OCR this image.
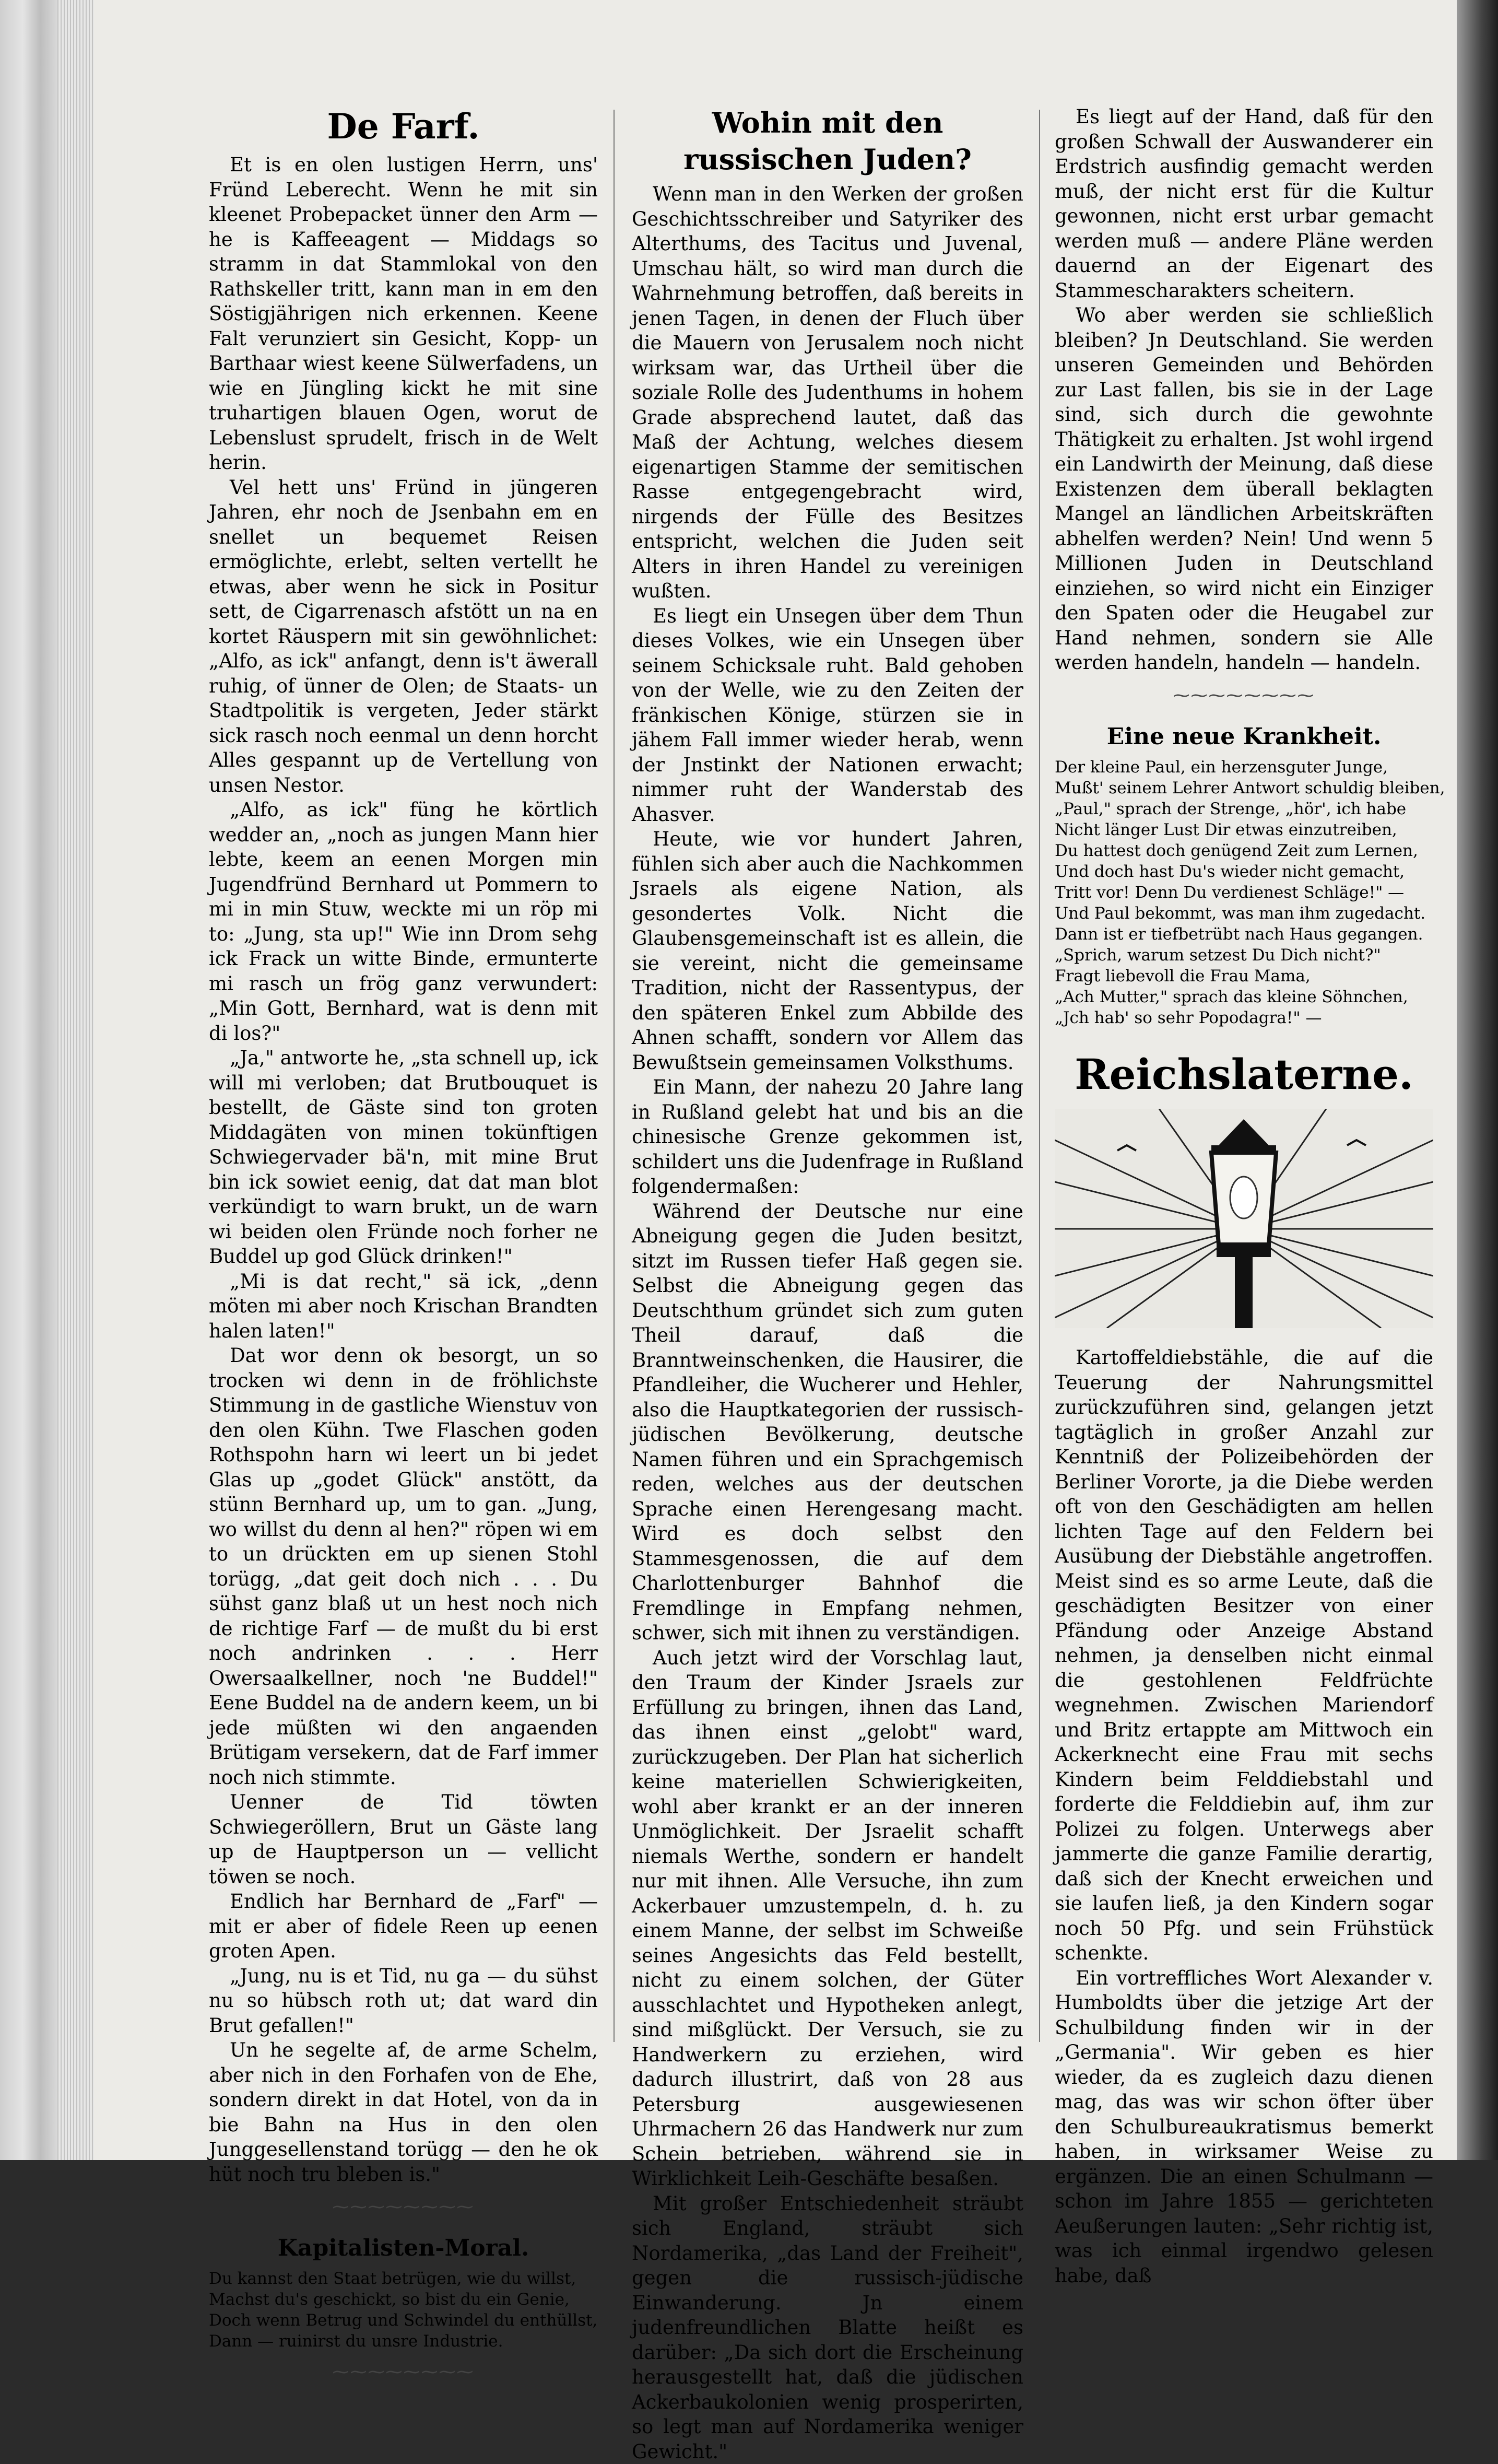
De Farf.

Et is en olen lustigen Herrn, uns' Fründ Leberecht. Wenn he mit sin kleenet Probepacket ünner den Arm — he is Kaffeeagent — Middags so stramm in dat Stammlokal von den Rathskeller tritt, kann man in em den Söstigjährigen nich erkennen. Keene Falt verunziert sin Gesicht, Kopp- un Barthaar wiest keene Sülwerfadens, un wie en Jüngling kickt he mit sine truhartigen blauen Ogen, worut de Lebenslust sprudelt, frisch in de Welt herin.

Vel hett uns' Fründ in jüngeren Jahren, ehr noch de Jsenbahn em en snellet un bequemet Reisen ermöglichte, erlebt, selten vertellt he etwas, aber wenn he sick in Positur sett, de Cigarrenasch afstött un na en kortet Räuspern mit sin gewöhnlichet: „Alfo, as ick" anfangt, denn is't äwerall ruhig, of ünner de Olen; de Staats- un Stadtpolitik is vergeten, Jeder stärkt sick rasch noch eenmal un denn horcht Alles gespannt up de Vertellung von unsen Nestor.

„Alfo, as ick" füng he körtlich wedder an, „noch as jungen Mann hier lebte, keem an eenen Morgen min Jugendfründ Bernhard ut Pommern to mi in min Stuw, weckte mi un röp mi to: „Jung, sta up!" Wie inn Drom sehg ick Frack un witte Binde, ermunterte mi rasch un frög ganz verwundert: „Min Gott, Bernhard, wat is denn mit di los?"

„Ja," antworte he, „sta schnell up, ick will mi verloben; dat Brutbouquet is bestellt, de Gäste sind ton groten Middagäten von minen tokünftigen Schwiegervader bä'n, mit mine Brut bin ick sowiet eenig, dat dat man blot verkündigt to warn brukt, un de warn wi beiden olen Fründe noch forher ne Buddel up god Glück drinken!"

„Mi is dat recht," sä ick, „denn möten mi aber noch Krischan Brandten halen laten!"

Dat wor denn ok besorgt, un so trocken wi denn in de fröhlichste Stimmung in de gastliche Wienstuv von den olen Kühn. Twe Flaschen goden Rothspohn harn wi leert un bi jedet Glas up „godet Glück" anstött, da stünn Bernhard up, um to gan. „Jung, wo willst du denn al hen?" röpen wi em to un drückten em up sienen Stohl torügg, „dat geit doch nich . . . Du sühst ganz blaß ut un hest noch nich de richtige Farf — de mußt du bi erst noch andrinken . . . Herr Owersaalkellner, noch 'ne Buddel!" Eene Buddel na de andern keem, un bi jede müßten wi den angaenden Brütigam versekern, dat de Farf immer noch nich stimmte.

Uenner de Tid töwten Schwiegeröllern, Brut un Gäste lang up de Hauptperson un — vellicht töwen se noch.

Endlich har Bernhard de „Farf" — mit er aber of fidele Reen up eenen groten Apen.

„Jung, nu is et Tid, nu ga — du sühst nu so hübsch roth ut; dat ward din Brut gefallen!"

Un he segelte af, de arme Schelm, aber nich in den Forhafen von de Ehe, sondern direkt in dat Hotel, von da in bie Bahn na Hus in den olen Junggesellenstand torügg — den he ok hüt noch tru bleben is."

⁓⁓⁓⁓⁓⁓⁓⁓
Kapitalisten-Moral.
Du kannst den Staat betrügen, wie du willst,
Machst du's geschickt, so bist du ein Genie,
Doch wenn Betrug und Schwindel du enthüllst,
Dann — ruinirst du unsre Industrie.
⁓⁓⁓⁓⁓⁓⁓⁓
Wohin mit den russischen Juden?

Wenn man in den Werken der großen Geschichtsschreiber und Satyriker des Alterthums, des Tacitus und Juvenal, Umschau hält, so wird man durch die Wahrnehmung betroffen, daß bereits in jenen Tagen, in denen der Fluch über die Mauern von Jerusalem noch nicht wirksam war, das Urtheil über die soziale Rolle des Judenthums in hohem Grade absprechend lautet, daß das Maß der Achtung, welches diesem eigenartigen Stamme der semitischen Rasse entgegengebracht wird, nirgends der Fülle des Besitzes entspricht, welchen die Juden seit Alters in ihren Handel zu vereinigen wußten.

Es liegt ein Unsegen über dem Thun dieses Volkes, wie ein Unsegen über seinem Schicksale ruht. Bald gehoben von der Welle, wie zu den Zeiten der fränkischen Könige, stürzen sie in jähem Fall immer wieder herab, wenn der Jnstinkt der Nationen erwacht; nimmer ruht der Wanderstab des Ahasver.

Heute, wie vor hundert Jahren, fühlen sich aber auch die Nachkommen Jsraels als eigene Nation, als gesondertes Volk. Nicht die Glaubensgemeinschaft ist es allein, die sie vereint, nicht die gemeinsame Tradition, nicht der Rassentypus, der den späteren Enkel zum Abbilde des Ahnen schafft, sondern vor Allem das Bewußtsein gemeinsamen Volksthums.

Ein Mann, der nahezu 20 Jahre lang in Rußland gelebt hat und bis an die chinesische Grenze gekommen ist, schildert uns die Judenfrage in Rußland folgendermaßen:

Während der Deutsche nur eine Abneigung gegen die Juden besitzt, sitzt im Russen tiefer Haß gegen sie. Selbst die Abneigung gegen das Deutschthum gründet sich zum guten Theil darauf, daß die Branntweinschenken, die Hausirer, die Pfandleiher, die Wucherer und Hehler, also die Hauptkategorien der russisch-jüdischen Bevölkerung, deutsche Namen führen und ein Sprachgemisch reden, welches aus der deutschen Sprache einen Herengesang macht. Wird es doch selbst den Stammesgenossen, die auf dem Charlottenburger Bahnhof die Fremdlinge in Empfang nehmen, schwer, sich mit ihnen zu verständigen.

Auch jetzt wird der Vorschlag laut, den Traum der Kinder Jsraels zur Erfüllung zu bringen, ihnen das Land, das ihnen einst „gelobt" ward, zurückzugeben. Der Plan hat sicherlich keine materiellen Schwierigkeiten, wohl aber krankt er an der inneren Unmöglichkeit. Der Jsraelit schafft niemals Werthe, sondern er handelt nur mit ihnen. Alle Versuche, ihn zum Ackerbauer umzustempeln, d. h. zu einem Manne, der selbst im Schweiße seines Angesichts das Feld bestellt, nicht zu einem solchen, der Güter ausschlachtet und Hypotheken anlegt, sind mißglückt. Der Versuch, sie zu Handwerkern zu erziehen, wird dadurch illustrirt, daß von 28 aus Petersburg ausgewiesenen Uhrmachern 26 das Handwerk nur zum Schein betrieben, während sie in Wirklichkeit Leih-Geschäfte besaßen.

Mit großer Entschiedenheit sträubt sich England, sträubt sich Nordamerika, „das Land der Freiheit", gegen die russisch-jüdische Einwanderung. Jn einem judenfreundlichen Blatte heißt es darüber: „Da sich dort die Erscheinung herausgestellt hat, daß die jüdischen Ackerbaukolonien wenig prosperirten, so legt man auf Nordamerika weniger Gewicht."

Es liegt auf der Hand, daß für den großen Schwall der Auswanderer ein Erdstrich ausfindig gemacht werden muß, der nicht erst für die Kultur gewonnen, nicht erst urbar gemacht werden muß — andere Pläne werden dauernd an der Eigenart des Stammescharakters scheitern.

Wo aber werden sie schließlich bleiben? Jn Deutschland. Sie werden unseren Gemeinden und Behörden zur Last fallen, bis sie in der Lage sind, sich durch die gewohnte Thätigkeit zu erhalten. Jst wohl irgend ein Landwirth der Meinung, daß diese Existenzen dem überall beklagten Mangel an ländlichen Arbeitskräften abhelfen werden? Nein! Und wenn 5 Millionen Juden in Deutschland einziehen, so wird nicht ein Einziger den Spaten oder die Heugabel zur Hand nehmen, sondern sie Alle werden handeln, handeln — handeln.

⁓⁓⁓⁓⁓⁓⁓⁓
Eine neue Krankheit.
Der kleine Paul, ein herzensguter Junge,
Mußt' seinem Lehrer Antwort schuldig bleiben,
„Paul," sprach der Strenge, „hör', ich habe
Nicht länger Lust Dir etwas einzutreiben,
Du hattest doch genügend Zeit zum Lernen,
Und doch hast Du's wieder nicht gemacht,
Tritt vor! Denn Du verdienest Schläge!" —
Und Paul bekommt, was man ihm zugedacht.
Dann ist er tiefbetrübt nach Haus gegangen.
„Sprich, warum setzest Du Dich nicht?"
Fragt liebevoll die Frau Mama,
„Ach Mutter," sprach das kleine Söhnchen,
„Jch hab' so sehr Popodagra!" —
Reichslaterne.

Kartoffeldiebstähle, die auf die Teuerung der Nahrungsmittel zurückzuführen sind, gelangen jetzt tagtäglich in großer Anzahl zur Kenntniß der Polizeibehörden der Berliner Vororte, ja die Diebe werden oft von den Geschädigten am hellen lichten Tage auf den Feldern bei Ausübung der Diebstähle angetroffen. Meist sind es so arme Leute, daß die geschädigten Besitzer von einer Pfändung oder Anzeige Abstand nehmen, ja denselben nicht einmal die gestohlenen Feldfrüchte wegnehmen. Zwischen Mariendorf und Britz ertappte am Mittwoch ein Ackerknecht eine Frau mit sechs Kindern beim Felddiebstahl und forderte die Felddiebin auf, ihm zur Polizei zu folgen. Unterwegs aber jammerte die ganze Familie derartig, daß sich der Knecht erweichen und sie laufen ließ, ja den Kindern sogar noch 50 Pfg. und sein Frühstück schenkte.

Ein vortreffliches Wort Alexander v. Humboldts über die jetzige Art der Schulbildung finden wir in der „Germania". Wir geben es hier wieder, da es zugleich dazu dienen mag, das was wir schon öfter über den Schulbureaukratismus bemerkt haben, in wirksamer Weise zu ergänzen. Die an einen Schulmann — schon im Jahre 1855 — gerichteten Aeußerungen lauten: „Sehr richtig ist, was ich einmal irgendwo gelesen habe, daß
